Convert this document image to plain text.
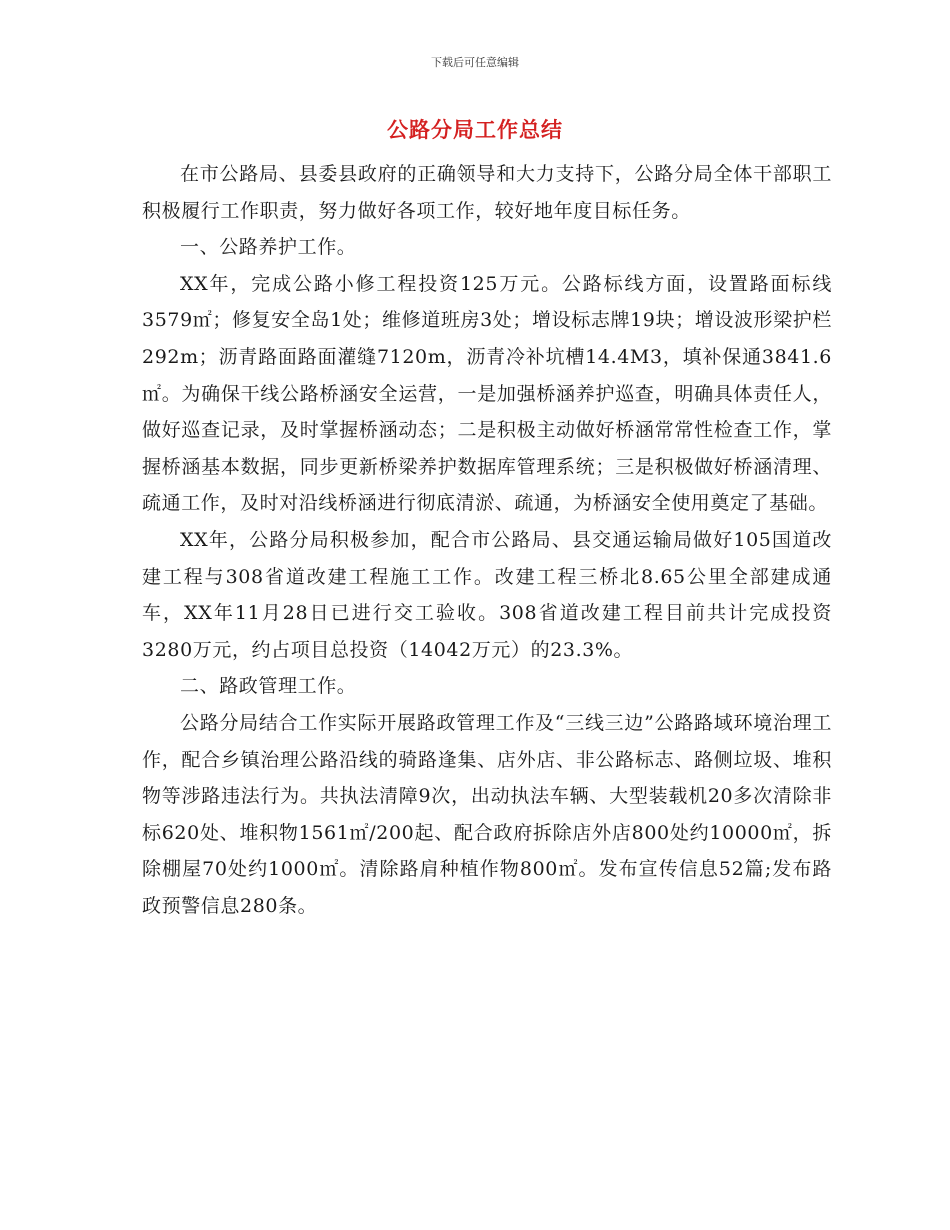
下载后可任意编辑
公路分局工作总结

在市公路局、县委县政府的正确领导和大力支持下，公路分局全体干部职工积极履行工作职责，努力做好各项工作，较好地年度目标任务。

一、公路养护工作。

XX年，完成公路小修工程投资125万元。公路标线方面，设置路面标线3579㎡；修复安全岛1处；维修道班房3处；增设标志牌19块；增设波形梁护栏292m；沥青路面路面灌缝7120m，沥青冷补坑槽14.4M3，填补保通3841.6㎡。为确保干线公路桥涵安全运营，一是加强桥涵养护巡查，明确具体责任人，做好巡查记录，及时掌握桥涵动态；二是积极主动做好桥涵常常性检查工作，掌握桥涵基本数据，同步更新桥梁养护数据库管理系统；三是积极做好桥涵清理、疏通工作，及时对沿线桥涵进行彻底清淤、疏通，为桥涵安全使用奠定了基础。

XX年，公路分局积极参加，配合市公路局、县交通运输局做好105国道改建工程与308省道改建工程施工工作。改建工程三桥北8.65公里全部建成通车，XX年11月28日已进行交工验收。308省道改建工程目前共计完成投资3280万元，约占项目总投资（14042万元）的23.3%。

二、路政管理工作。

公路分局结合工作实际开展路政管理工作及“三线三边”公路路域环境治理工作，配合乡镇治理公路沿线的骑路逢集、店外店、非公路标志、路侧垃圾、堆积物等涉路违法行为。共执法清障9次，出动执法车辆、大型装载机20多次清除非标620处、堆积物1561㎡/200起、配合政府拆除店外店800处约10000㎡，拆除棚屋70处约1000㎡。清除路肩种植作物800㎡。发布宣传信息52篇;发布路政预警信息280条。
